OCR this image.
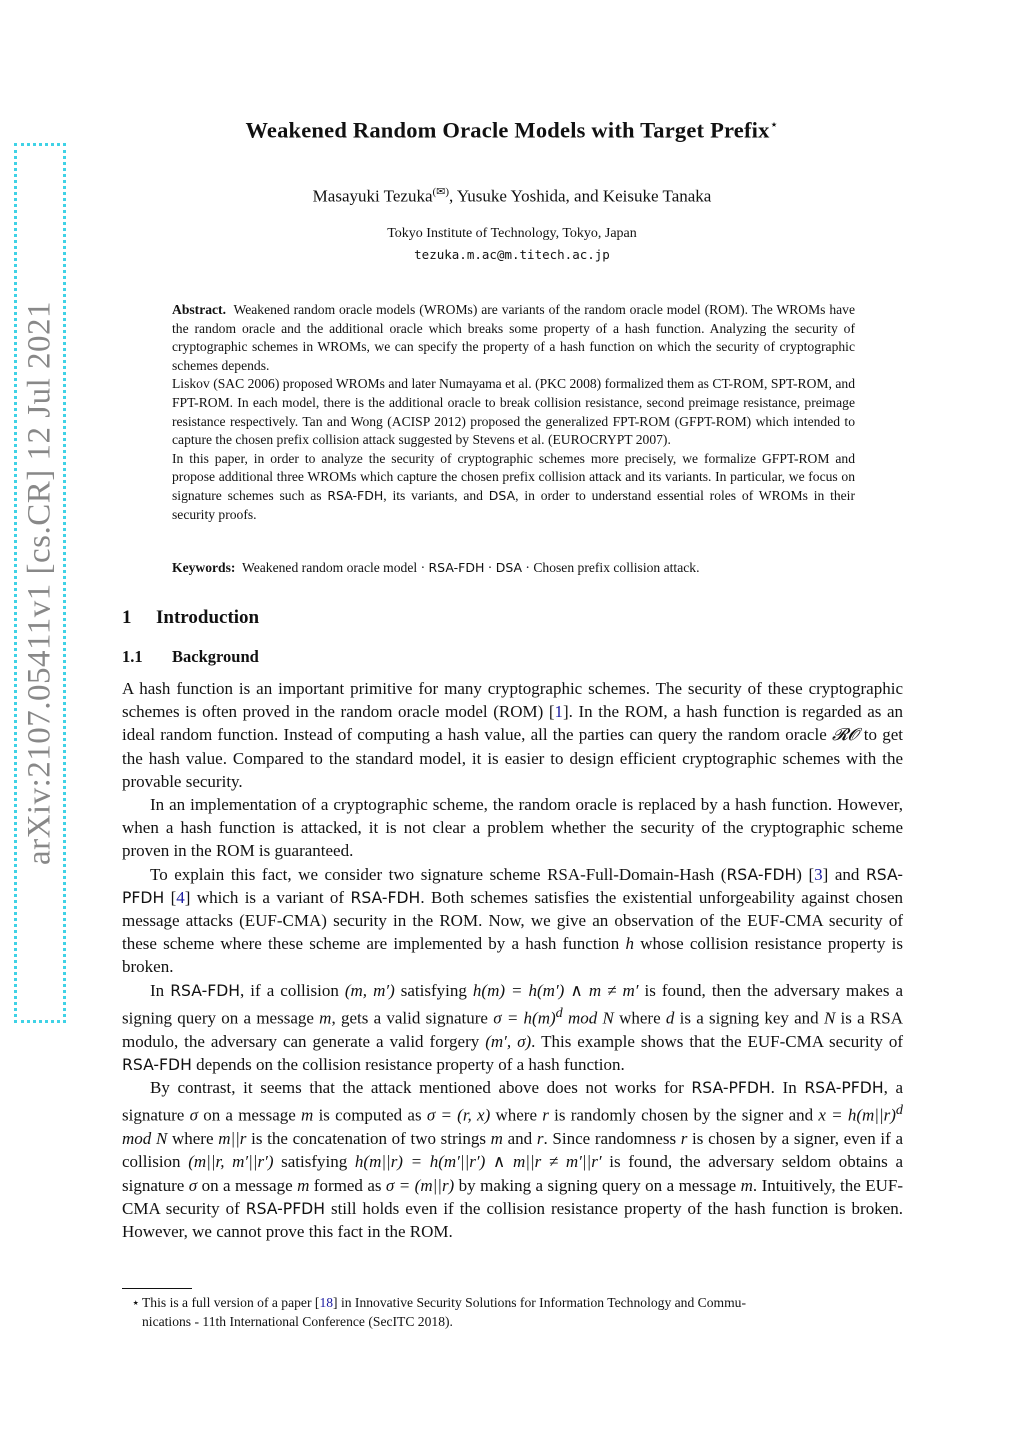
arXiv:2107.05411v1 [cs.CR] 12 Jul 2021
Weakened Random Oracle Models with Target Prefix⋆
Masayuki Tezuka(✉), Yusuke Yoshida, and Keisuke Tanaka
Tokyo Institute of Technology, Tokyo, Japan
tezuka.m.ac@m.titech.ac.jp

Abstract. Weakened random oracle models (WROMs) are variants of the random oracle model (ROM). The WROMs have the random oracle and the additional oracle which breaks some property of a hash function. Analyzing the security of cryptographic schemes in WROMs, we can specify the property of a hash function on which the security of cryptographic schemes depends.

Liskov (SAC 2006) proposed WROMs and later Numayama et al. (PKC 2008) formalized them as CT-ROM, SPT-ROM, and FPT-ROM. In each model, there is the additional oracle to break collision resistance, second preimage resistance, preimage resistance respectively. Tan and Wong (ACISP 2012) proposed the generalized FPT-ROM (GFPT-ROM) which intended to capture the chosen prefix collision attack suggested by Stevens et al. (EUROCRYPT 2007).

In this paper, in order to analyze the security of cryptographic schemes more precisely, we formalize GFPT-ROM and propose additional three WROMs which capture the chosen prefix collision attack and its variants. In particular, we focus on signature schemes such as RSA-FDH, its variants, and DSA, in order to understand essential roles of WROMs in their security proofs.

Keywords: Weakened random oracle model · RSA-FDH · DSA · Chosen prefix collision attack.
1 Introduction
1.1 Background

A hash function is an important primitive for many cryptographic schemes. The security of these cryptographic schemes is often proved in the random oracle model (ROM) [1]. In the ROM, a hash function is regarded as an ideal random function. Instead of computing a hash value, all the parties can query the random oracle 𝓡𝓞 to get the hash value. Compared to the standard model, it is easier to design efficient cryptographic schemes with the provable security.

In an implementation of a cryptographic scheme, the random oracle is replaced by a hash function. However, when a hash function is attacked, it is not clear a problem whether the security of the cryptographic scheme proven in the ROM is guaranteed.

To explain this fact, we consider two signature scheme RSA-Full-Domain-Hash (RSA-FDH) [3] and RSA-PFDH [4] which is a variant of RSA-FDH. Both schemes satisfies the existential unforgeability against chosen message attacks (EUF-CMA) security in the ROM. Now, we give an observation of the EUF-CMA security of these scheme where these scheme are implemented by a hash function h whose collision resistance property is broken.

In RSA-FDH, if a collision (m, m′) satisfying h(m) = h(m′) ∧ m ≠ m′ is found, then the adversary makes a signing query on a message m, gets a valid signature $\sigma = h(m)^d$ mod N where d is a signing key and N is a RSA modulo, the adversary can generate a valid forgery (m′, σ). This example shows that the EUF-CMA security of RSA-FDH depends on the collision resistance property of a hash function.

By contrast, it seems that the attack mentioned above does not works for RSA-PFDH. In RSA-PFDH, a signature σ on a message m is computed as σ = (r, x) where r is randomly chosen by the signer and $x = h(m||r)^d$ mod N where m||r is the concatenation of two strings m and r. Since randomness r is chosen by a signer, even if a collision (m||r, m′||r′) satisfying h(m||r) = h(m′||r′) ∧ m||r ≠ m′||r′ is found, the adversary seldom obtains a signature σ on a message m formed as σ = (m||r) by making a signing query on a message m. Intuitively, the EUF-CMA security of RSA-PFDH still holds even if the collision resistance property of the hash function is broken. However, we cannot prove this fact in the ROM.

⋆ This is a full version of a paper [18] in Innovative Security Solutions for Information Technology and Commu-
nications - 11th International Conference (SecITC 2018).
